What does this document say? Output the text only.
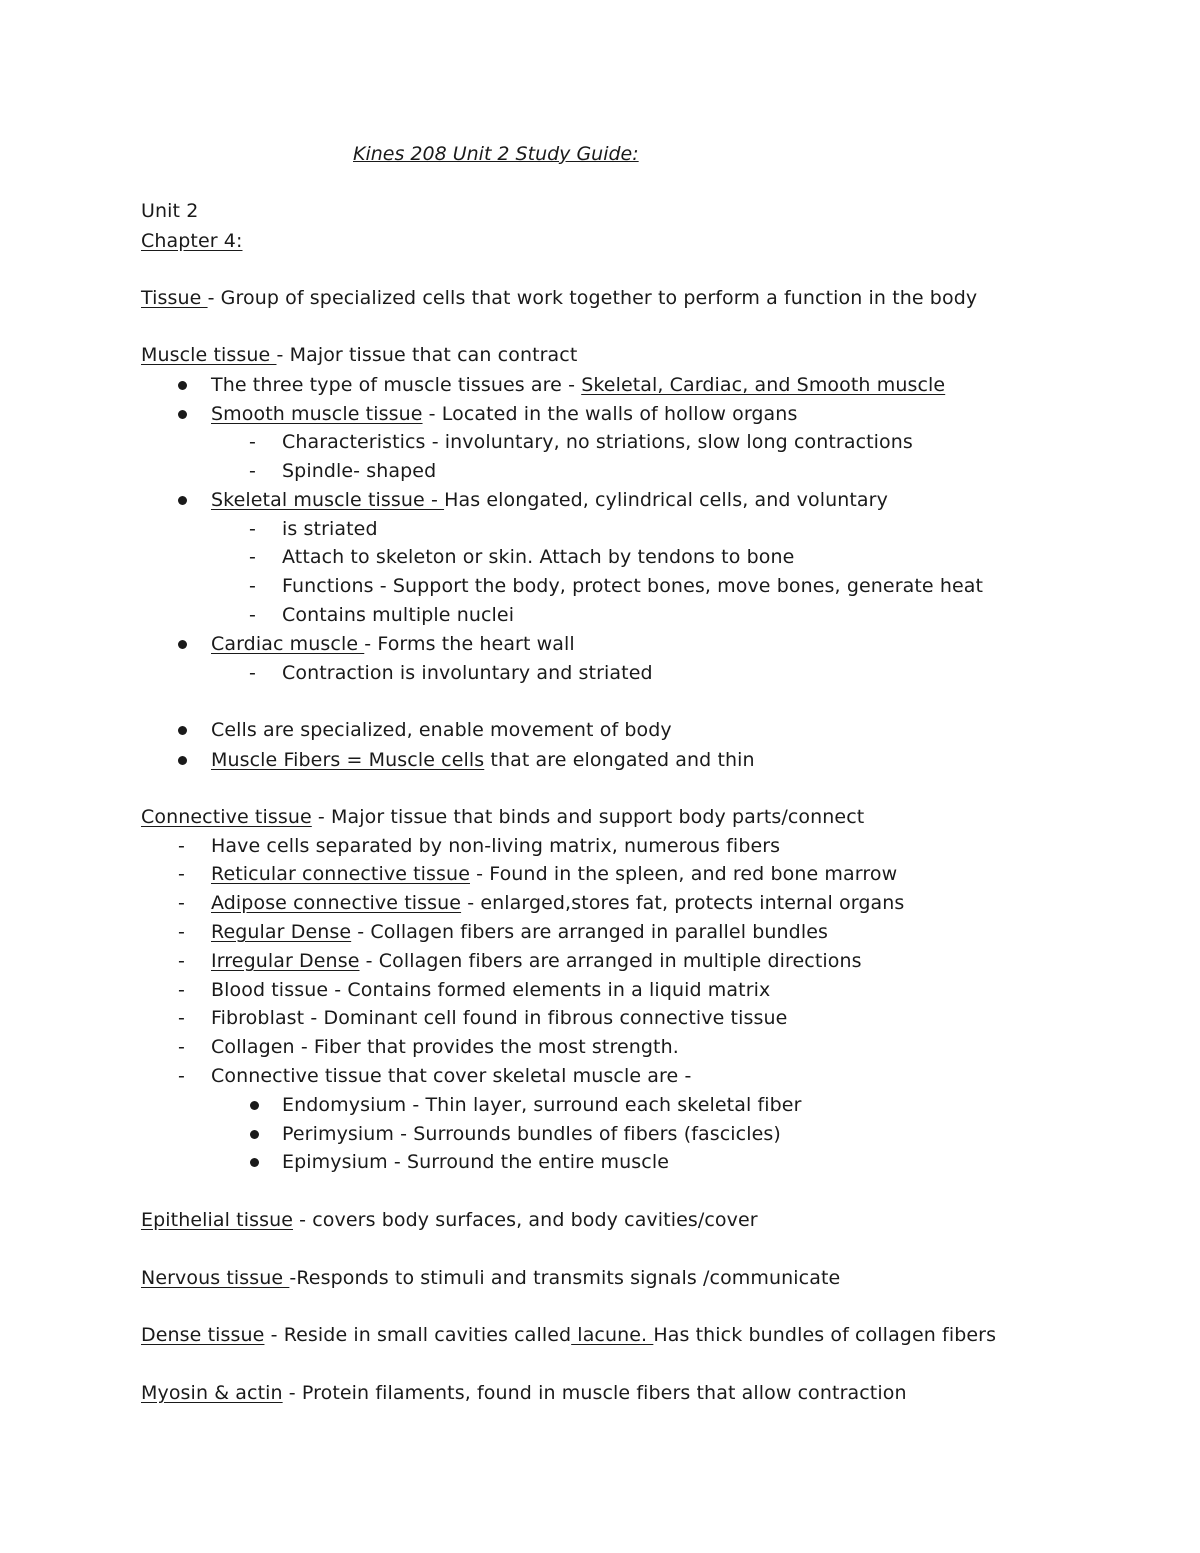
Kines 208 Unit 2 Study Guide:
Unit 2
Chapter 4:
Tissue - Group of specialized cells that work together to perform a function in the body
Muscle tissue - Major tissue that can contract
The three type of muscle tissues are - Skeletal, Cardiac, and Smooth muscle
Smooth muscle tissue - Located in the walls of hollow organs
- Characteristics - involuntary, no striations, slow long contractions
- Spindle- shaped
Skeletal muscle tissue - Has elongated, cylindrical cells, and voluntary
- is striated
- Attach to skeleton or skin. Attach by tendons to bone
- Functions - Support the body, protect bones, move bones, generate heat
- Contains multiple nuclei
Cardiac muscle - Forms the heart wall
- Contraction is involuntary and striated
Cells are specialized, enable movement of body
Muscle Fibers = Muscle cells that are elongated and thin
Connective tissue - Major tissue that binds and support body parts/connect
- Have cells separated by non-living matrix, numerous fibers
- Reticular connective tissue - Found in the spleen, and red bone marrow
- Adipose connective tissue - enlarged,stores fat, protects internal organs
- Regular Dense - Collagen fibers are arranged in parallel bundles
- Irregular Dense - Collagen fibers are arranged in multiple directions
- Blood tissue - Contains formed elements in a liquid matrix
- Fibroblast - Dominant cell found in fibrous connective tissue
- Collagen - Fiber that provides the most strength.
- Connective tissue that cover skeletal muscle are -
Endomysium - Thin layer, surround each skeletal fiber
Perimysium - Surrounds bundles of fibers (fascicles)
Epimysium - Surround the entire muscle
Epithelial tissue - covers body surfaces, and body cavities/cover
Nervous tissue -Responds to stimuli and transmits signals /communicate
Dense tissue - Reside in small cavities called lacune. Has thick bundles of collagen fibers
Myosin & actin - Protein filaments, found in muscle fibers that allow contraction
